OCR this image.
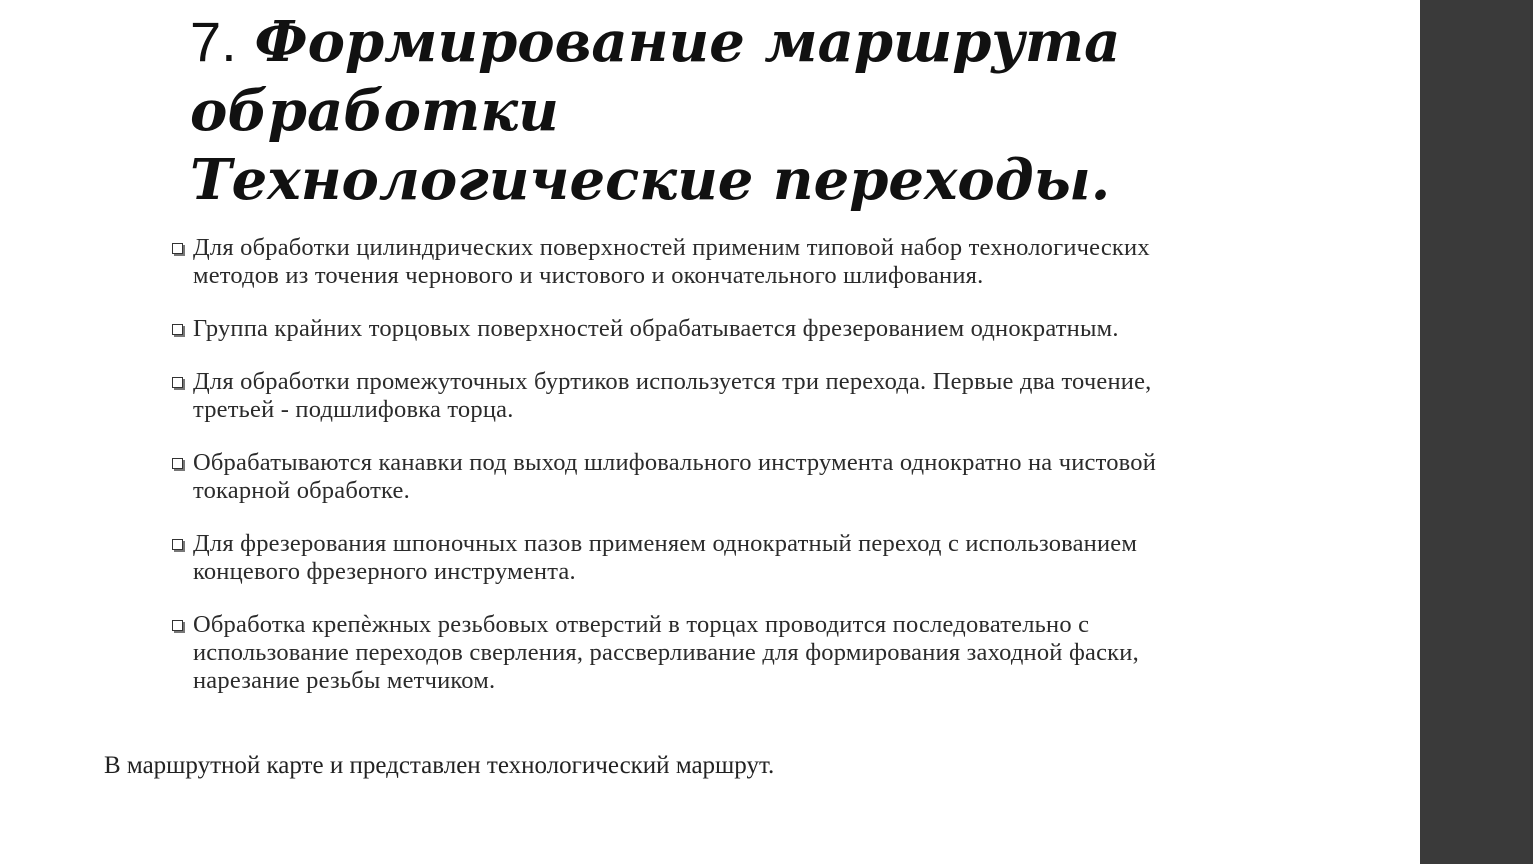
7. Формирование маршрута
обработки
Технологические переходы.
Для обработки цилиндрических поверхностей применим типовой набор технологических методов из точения чернового и чистового и окончательного шлифования.
Группа крайних торцовых поверхностей обрабатывается фрезерованием однократным.
Для обработки промежуточных буртиков используется три перехода. Первые два точение, третьей - подшлифовка торца.
Обрабатываются канавки под выход шлифовального инструмента однократно на чистовой токарной обработке.
Для фрезерования шпоночных пазов применяем однократный переход с использованием концевого фрезерного инструмента.
Обработка крепѐжных резьбовых отверстий в торцах проводится последовательно с использование переходов сверления, рассверливание для формирования заходной фаски, нарезание резьбы метчиком.

В маршрутной карте и представлен технологический маршрут.
